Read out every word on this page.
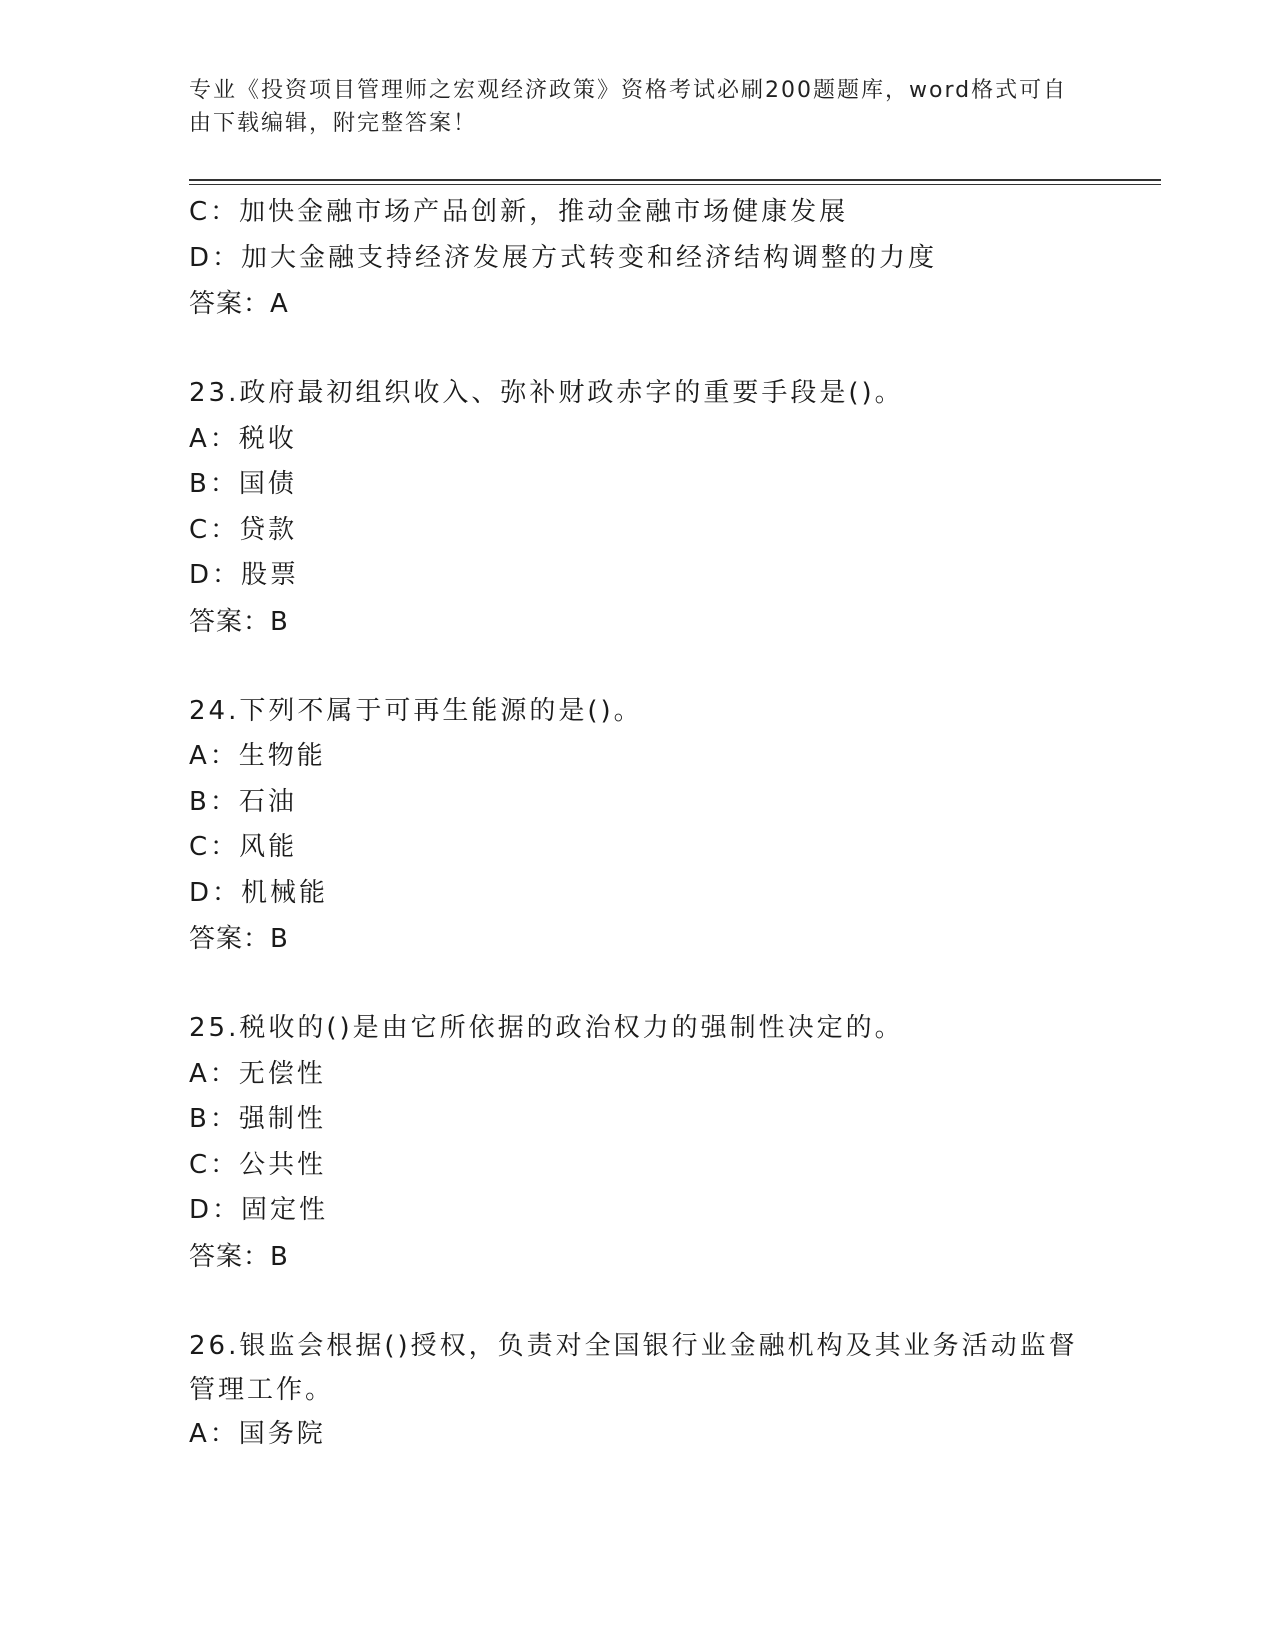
专业《投资项目管理师之宏观经济政策》资格考试必刷200题题库，word格式可自由下载编辑，附完整答案！
C：加快金融市场产品创新，推动金融市场健康发展
D：加大金融支持经济发展方式转变和经济结构调整的力度
答案：A
23.政府最初组织收入、弥补财政赤字的重要手段是()。
A：税收
B：国债
C：贷款
D：股票
答案：B
24.下列不属于可再生能源的是()。
A：生物能
B：石油
C：风能
D：机械能
答案：B
25.税收的()是由它所依据的政治权力的强制性决定的。
A：无偿性
B：强制性
C：公共性
D：固定性
答案：B
26.银监会根据()授权，负责对全国银行业金融机构及其业务活动监督管理工作。
A：国务院
